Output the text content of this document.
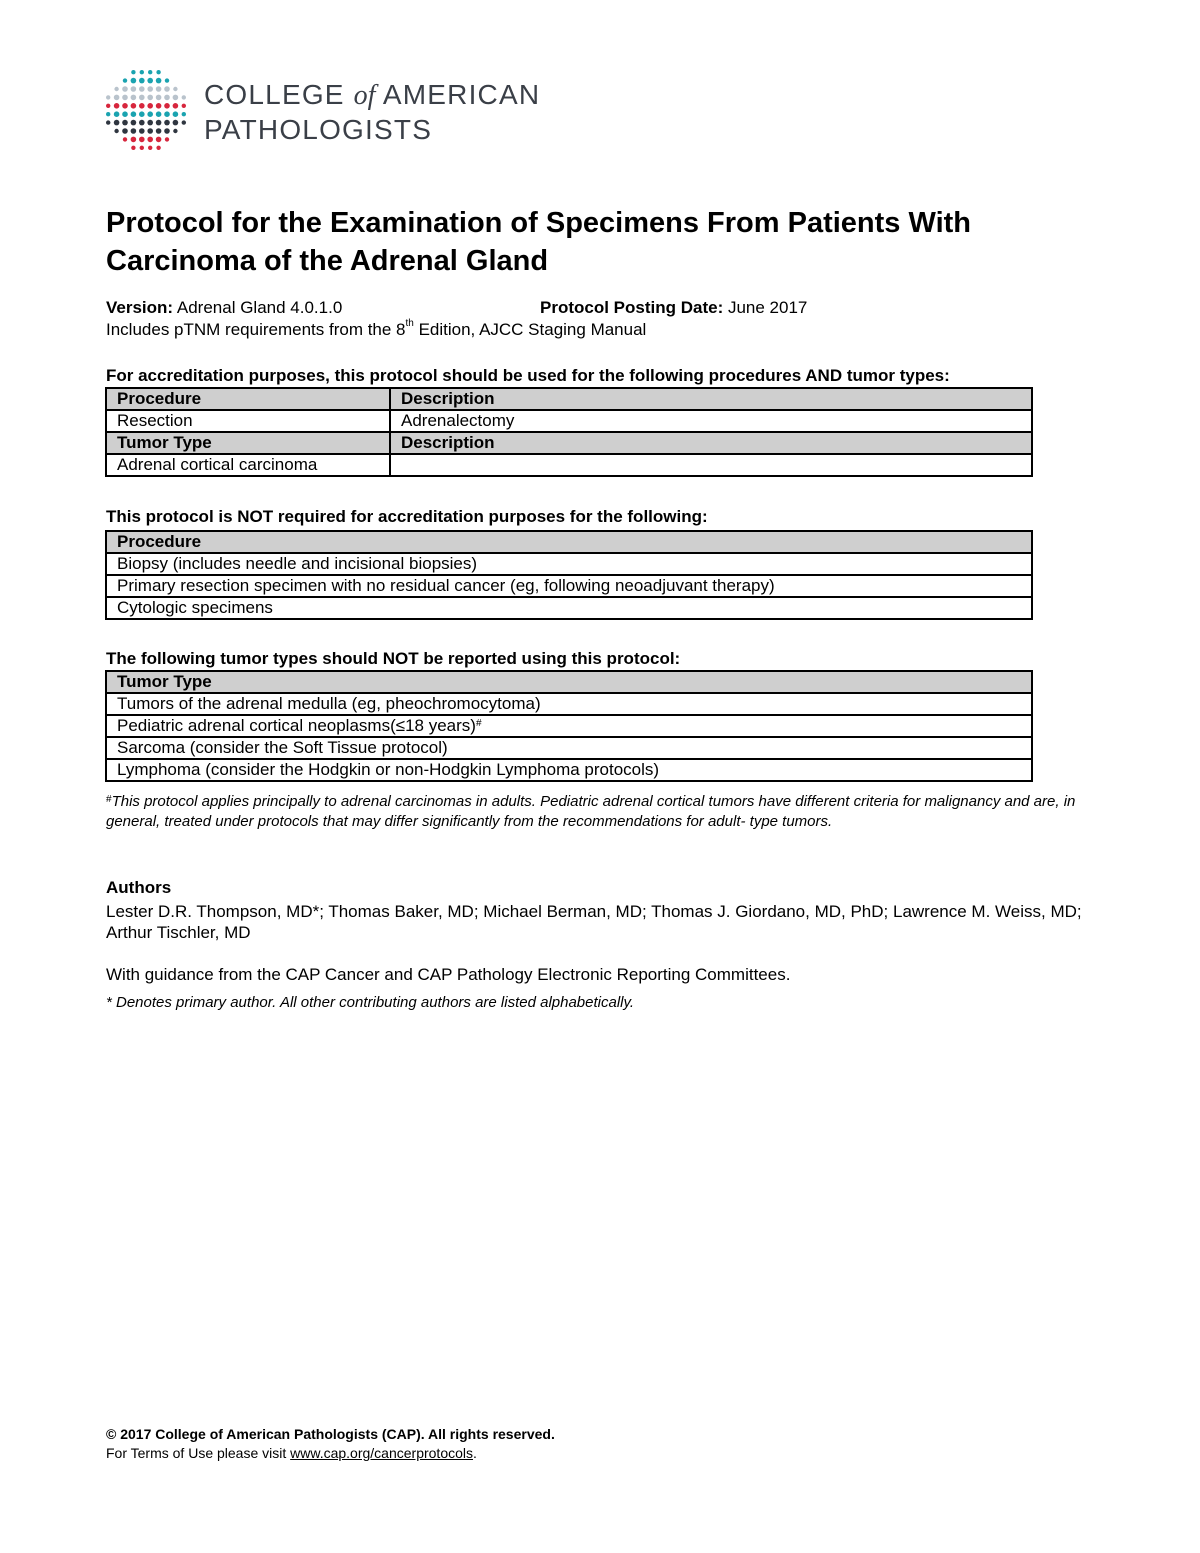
COLLEGE of AMERICAN
PATHOLOGISTS
Protocol for the Examination of Specimens From Patients With
Carcinoma of the Adrenal Gland
Version: Adrenal Gland 4.0.1.0	Protocol Posting Date: June 2017
Includes pTNM requirements from the 8th Edition, AJCC Staging Manual
For accreditation purposes, this protocol should be used for the following procedures AND tumor types:
Procedure	Description
Resection	Adrenalectomy
Tumor Type	Description
Adrenal cortical carcinoma	
This protocol is NOT required for accreditation purposes for the following:
Procedure
Biopsy (includes needle and incisional biopsies)
Primary resection specimen with no residual cancer (eg, following neoadjuvant therapy)
Cytologic specimens
The following tumor types should NOT be reported using this protocol:
Tumor Type
Tumors of the adrenal medulla (eg, pheochromocytoma)
Pediatric adrenal cortical neoplasms(≤18 years)#
Sarcoma (consider the Soft Tissue protocol)
Lymphoma (consider the Hodgkin or non-Hodgkin Lymphoma protocols)
#This protocol applies principally to adrenal carcinomas in adults. Pediatric adrenal cortical tumors have different criteria for malignancy and are, in general, treated under protocols that may differ significantly from the recommendations for adult- type tumors.
Authors
Lester D.R. Thompson, MD*; Thomas Baker, MD; Michael Berman, MD; Thomas J. Giordano, MD, PhD; Lawrence M. Weiss, MD; Arthur Tischler, MD
With guidance from the CAP Cancer and CAP Pathology Electronic Reporting Committees.
* Denotes primary author. All other contributing authors are listed alphabetically.
© 2017 College of American Pathologists (CAP). All rights reserved.
For Terms of Use please visit www.cap.org/cancerprotocols.
